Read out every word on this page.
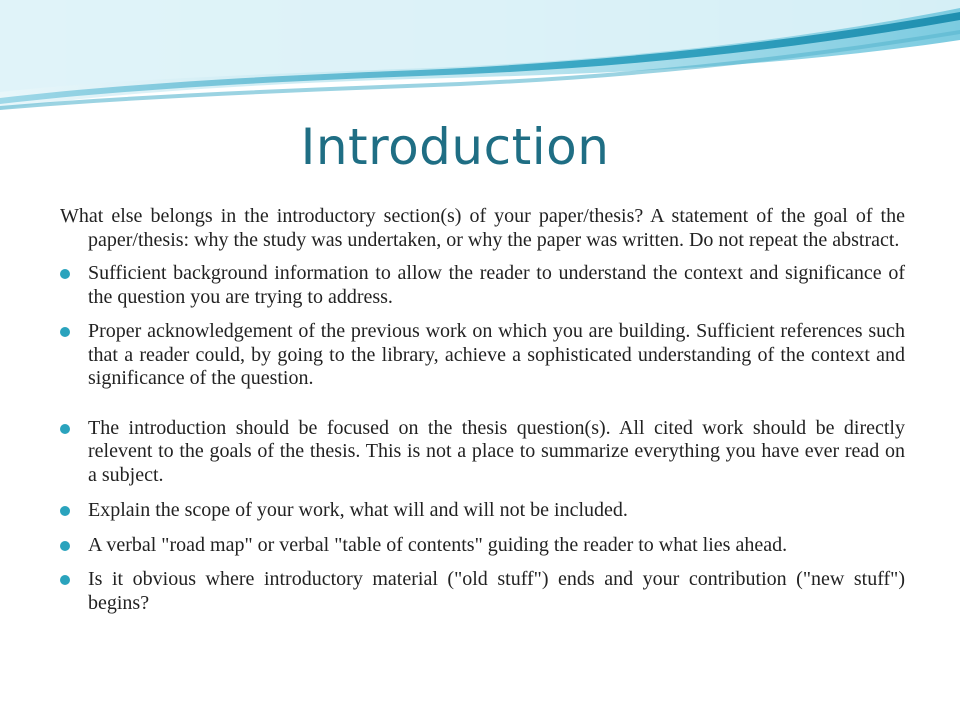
Introduction

What else belongs in the introductory section(s) of your paper/thesis? A statement of the goal of the paper/thesis: why the study was undertaken, or why the paper was written. Do not repeat the abstract.

Sufficient background information to allow the reader to understand the context and significance of the question you are trying to address.
Proper acknowledgement of the previous work on which you are building. Sufficient references such that a reader could, by going to the library, achieve a sophisticated understanding of the context and significance of the question.
The introduction should be focused on the thesis question(s). All cited work should be directly relevent to the goals of the thesis. This is not a place to summarize everything you have ever read on a subject.
Explain the scope of your work, what will and will not be included.
A verbal "road map" or verbal "table of contents" guiding the reader to what lies ahead.
Is it obvious where introductory material ("old stuff") ends and your contribution ("new stuff") begins?
